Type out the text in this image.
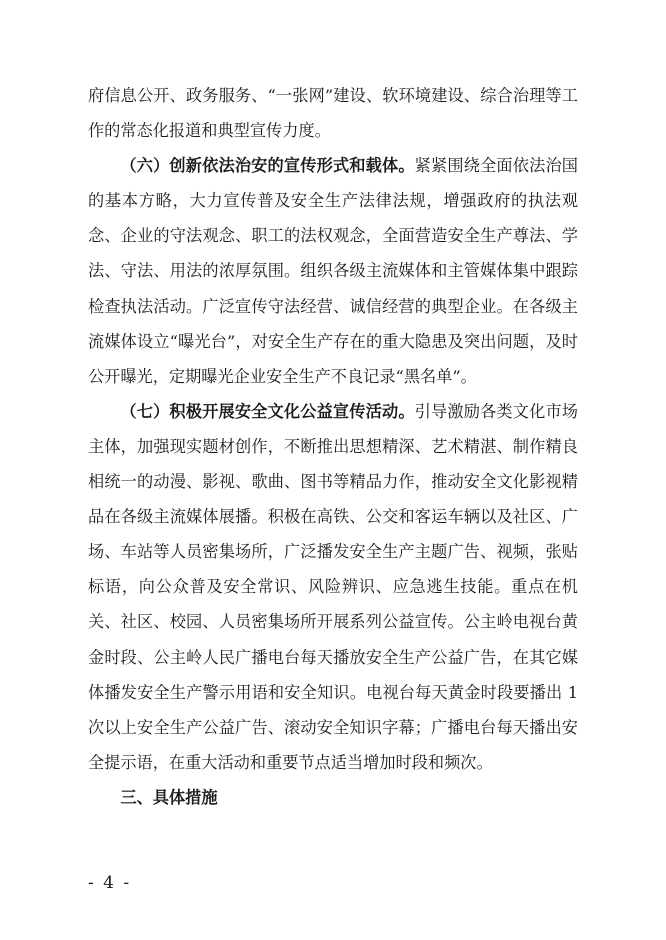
府信息公开、政务服务、“一张网”建设、软环境建设、综合治理等工作的常态化报道和典型宣传力度。

（六）创新依法治安的宣传形式和载体。紧紧围绕全面依法治国的基本方略，大力宣传普及安全生产法律法规，增强政府的执法观念、企业的守法观念、职工的法权观念，全面营造安全生产尊法、学法、守法、用法的浓厚氛围。组织各级主流媒体和主管媒体集中跟踪检查执法活动。广泛宣传守法经营、诚信经营的典型企业。在各级主流媒体设立“曝光台”，对安全生产存在的重大隐患及突出问题，及时公开曝光，定期曝光企业安全生产不良记录“黑名单”。

（七）积极开展安全文化公益宣传活动。引导激励各类文化市场主体，加强现实题材创作，不断推出思想精深、艺术精湛、制作精良相统一的动漫、影视、歌曲、图书等精品力作，推动安全文化影视精品在各级主流媒体展播。积极在高铁、公交和客运车辆以及社区、广场、车站等人员密集场所，广泛播发安全生产主题广告、视频，张贴标语，向公众普及安全常识、风险辨识、应急逃生技能。重点在机关、社区、校园、人员密集场所开展系列公益宣传。公主岭电视台黄金时段、公主岭人民广播电台每天播放安全生产公益广告，在其它媒体播发安全生产警示用语和安全知识。电视台每天黄金时段要播出 1 次以上安全生产公益广告、滚动安全知识字幕；广播电台每天播出安全提示语，在重大活动和重要节点适当增加时段和频次。

三、具体措施

- 4 -
